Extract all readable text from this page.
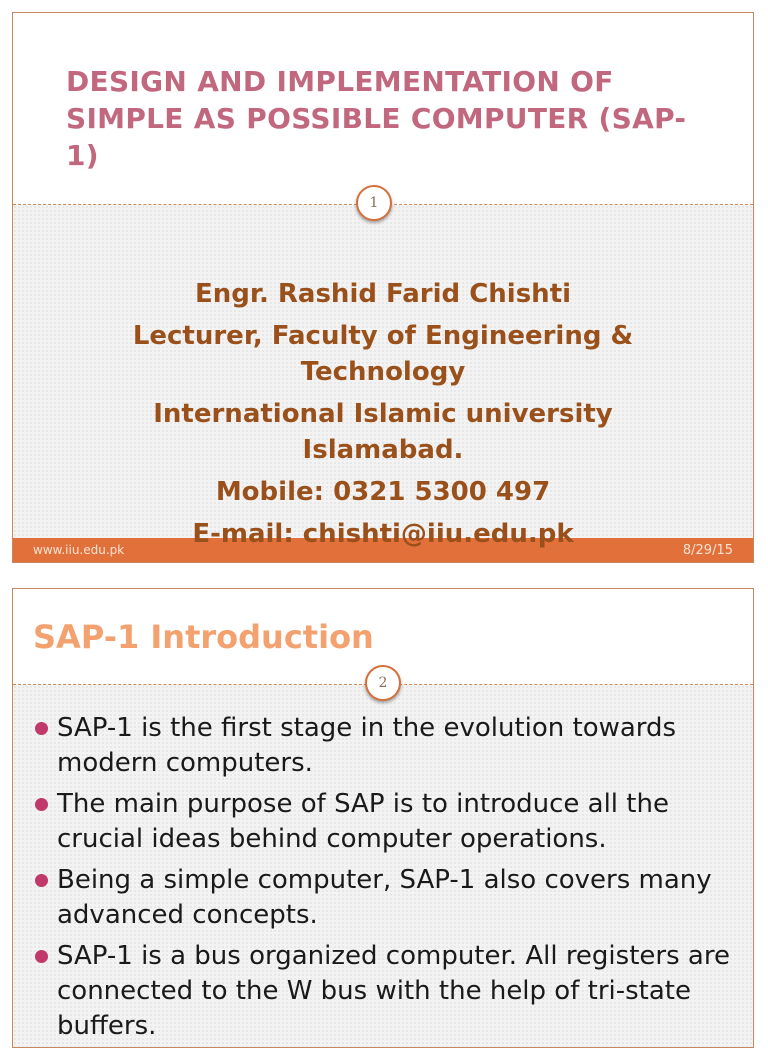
DESIGN AND IMPLEMENTATION OF SIMPLE AS POSSIBLE COMPUTER (SAP-1)
1
Engr. Rashid Farid Chishti
Lecturer, Faculty of Engineering & Technology
International Islamic university Islamabad.
Mobile: 0321 5300 497
E-mail: chishti@iiu.edu.pk
www.iiu.edu.pk	8/29/15
SAP-1 Introduction
2
SAP-1 is the first stage in the evolution towards modern computers.
The main purpose of SAP is to introduce all the crucial ideas behind computer operations.
Being a simple computer, SAP-1 also covers many advanced concepts.
SAP-1 is a bus organized computer. All registers are connected to the W bus with the help of tri-state buffers.
